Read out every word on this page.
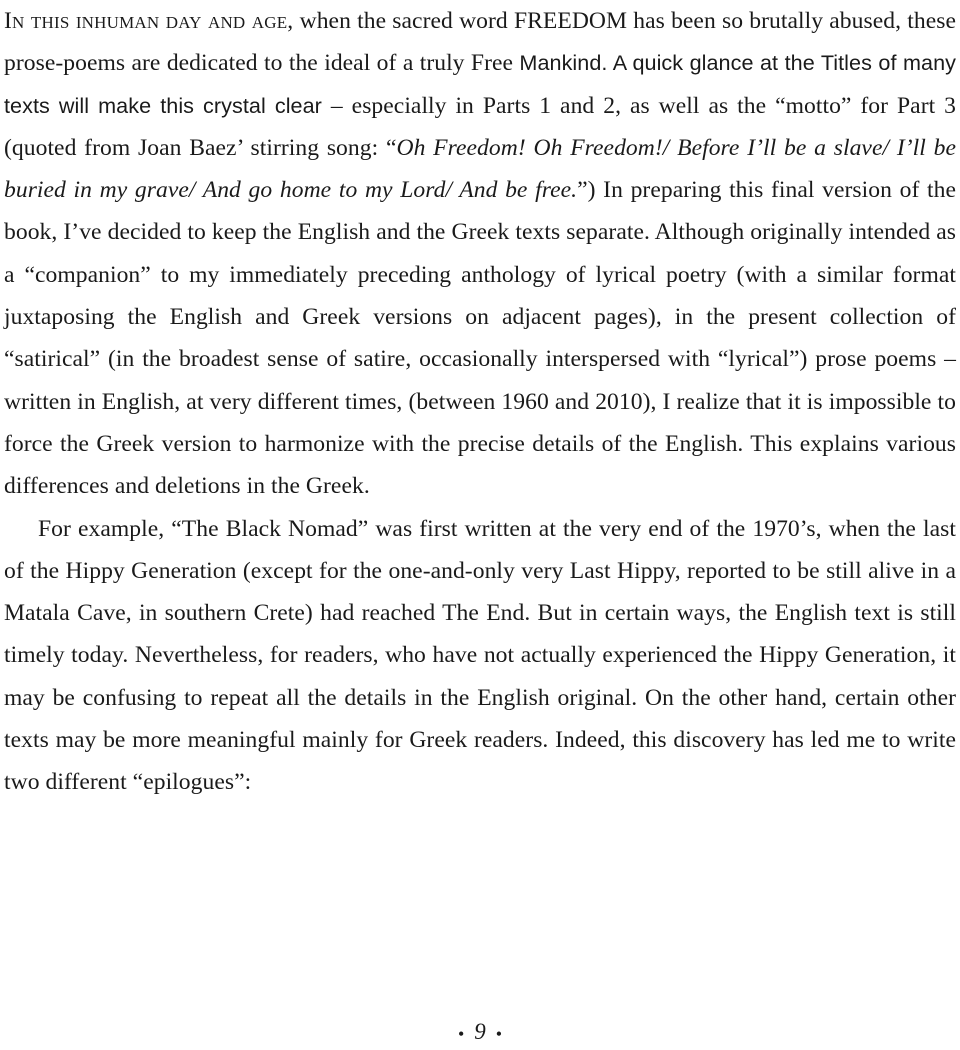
In this inhuman day and age, when the sacred word FREEDOM has been so brutally abused, these prose-poems are dedicated to the ideal of a truly Free Mankind. A quick glance at the Titles of many texts will make this crystal clear – especially in Parts 1 and 2, as well as the “motto” for Part 3 (quoted from Joan Baez’ stirring song: “Oh Freedom! Oh Freedom!/ Before I’ll be a slave/ I’ll be buried in my grave/ And go home to my Lord/ And be free.”) In preparing this final version of the book, I’ve decided to keep the English and the Greek texts separate. Although originally intended as a “companion” to my immediately preceding anthology of lyrical poetry (with a similar format juxtaposing the English and Greek versions on adjacent pages), in the present collection of “satirical” (in the broadest sense of satire, occasionally interspersed with “lyrical”) prose poems – written in English, at very different times, (between 1960 and 2010), I realize that it is impossible to force the Greek version to harmonize with the precise details of the English. This explains various differences and deletions in the Greek.

For example, “The Black Nomad” was first written at the very end of the 1970’s, when the last of the Hippy Generation (except for the one-and-only very Last Hippy, reported to be still alive in a Matala Cave, in southern Crete) had reached The End. But in certain ways, the English text is still timely today. Nevertheless, for readers, who have not actually experienced the Hippy Generation, it may be confusing to repeat all the details in the English original. On the other hand, certain other texts may be more meaningful mainly for Greek readers. Indeed, this discovery has led me to write two different “epilogues”:

• 9 •
